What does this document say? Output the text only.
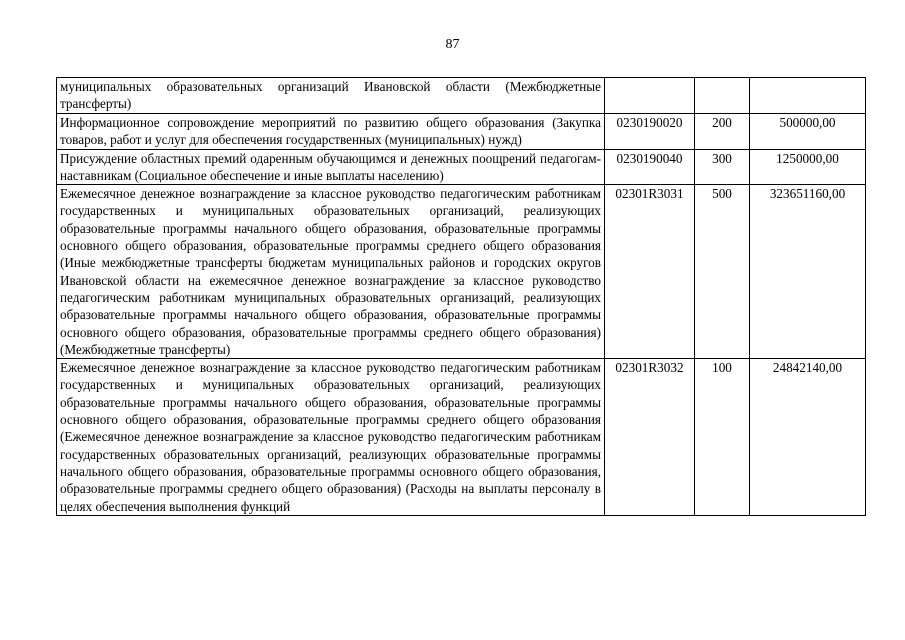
87
муниципальных образовательных организаций Ивановской области (Межбюджетные трансферты)			
Информационное сопровождение мероприятий по развитию общего образования (Закупка товаров, работ и услуг для обеспечения государственных (муниципальных) нужд)	0230190020	200	500000,00
Присуждение областных премий одаренным обучающимся и денежных поощрений педагогам-наставникам (Социальное обеспечение и иные выплаты населению)	0230190040	300	1250000,00
Ежемесячное денежное вознаграждение за классное руководство педагогическим работникам государственных и муниципальных образовательных организаций, реализующих образовательные программы начального общего образования, образовательные программы основного общего образования, образовательные программы среднего общего образования (Иные межбюджетные трансферты бюджетам муниципальных районов и городских округов Ивановской области на ежемесячное денежное вознаграждение за классное руководство педагогическим работникам муниципальных образовательных организаций, реализующих образовательные программы начального общего образования, образовательные программы основного общего образования, образовательные программы среднего общего образования) (Межбюджетные трансферты)	02301R3031	500	323651160,00
Ежемесячное денежное вознаграждение за классное руководство педагогическим работникам государственных и муниципальных образовательных организаций, реализующих образовательные программы начального общего образования, образовательные программы основного общего образования, образовательные программы среднего общего образования (Ежемесячное денежное вознаграждение за классное руководство педагогическим работникам государственных образовательных организаций, реализующих образовательные программы начального общего образования, образовательные программы основного общего образования, образовательные программы среднего общего образования) (Расходы на выплаты персоналу в целях обеспечения выполнения функций	02301R3032	100	24842140,00
